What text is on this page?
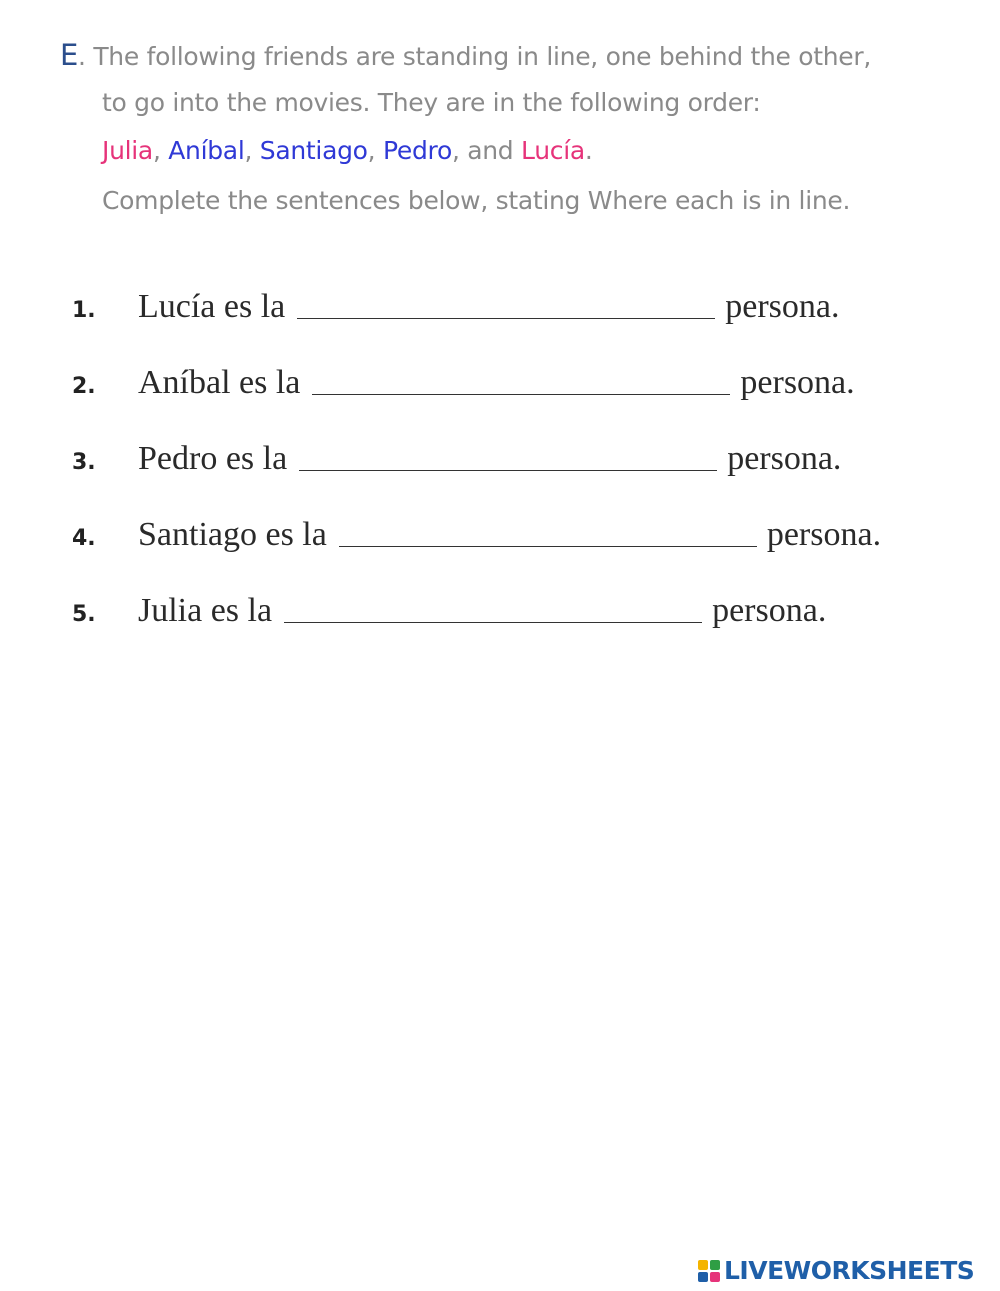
E. The following friends are standing in line, one behind the other,
to go into the movies. They are in the following order:
Julia, Aníbal, Santiago, Pedro, and Lucía.
Complete the sentences below, stating Where each is in line.
1.	Lucía es la	persona.
2.	Aníbal es la	persona.
3.	Pedro es la	persona.
4.	Santiago es la	persona.
5.	Julia es la	persona.
LIVEWORKSHEETS
